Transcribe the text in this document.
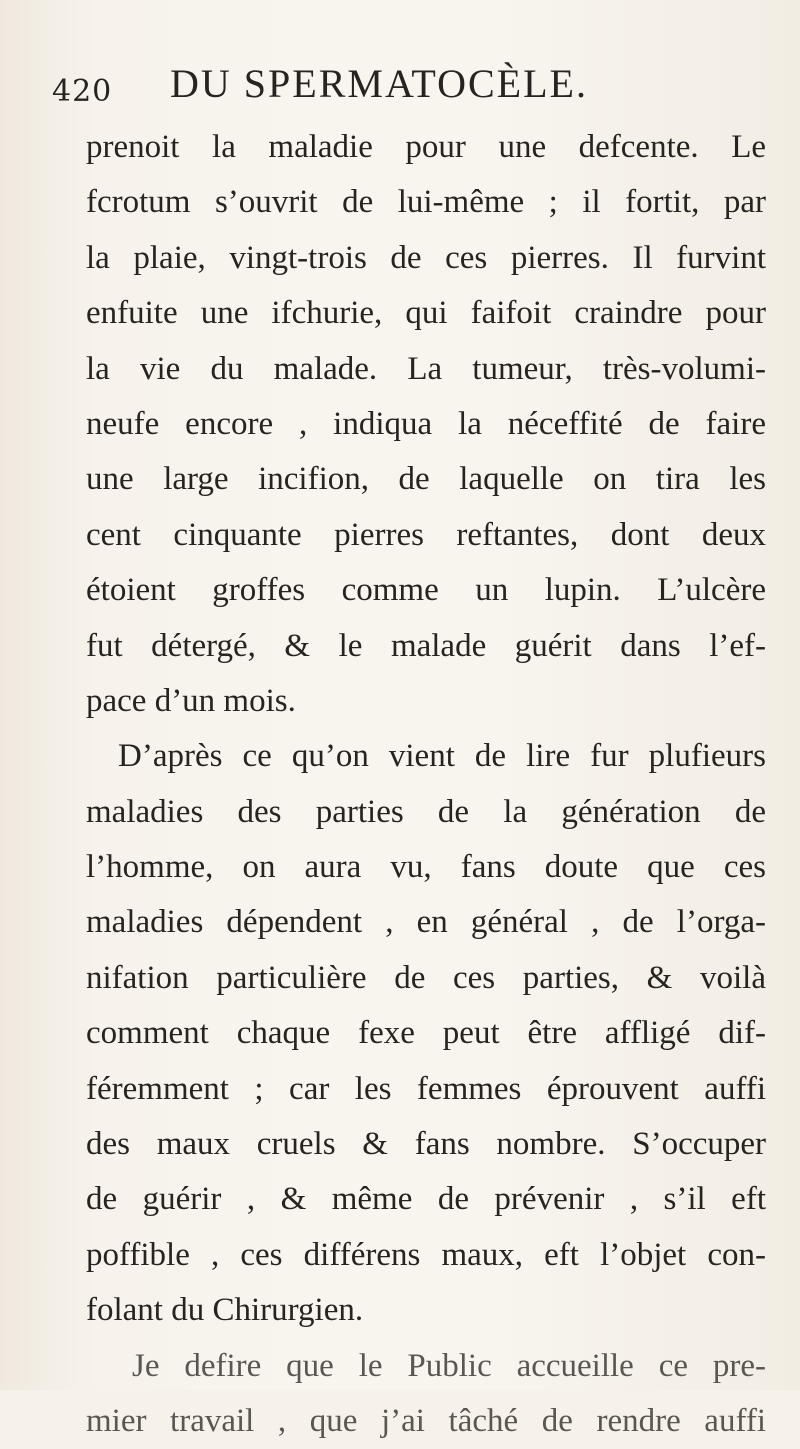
420 DU SPERMATOCÈLE.
prenoit la maladie pour une defcente. Le
fcrotum s’ouvrit de lui-même ; il fortit, par
la plaie, vingt-trois de ces pierres. Il furvint
enfuite une ifchurie, qui faifoit craindre pour
la vie du malade. La tumeur, très-volumi-
neufe encore , indiqua la néceffité de faire
une large incifion, de laquelle on tira les
cent cinquante pierres reftantes, dont deux
étoient groffes comme un lupin. L’ulcère
fut détergé, & le malade guérit dans l’ef-
pace d’un mois.
D’après ce qu’on vient de lire fur plufieurs
maladies des parties de la génération de
l’homme, on aura vu, fans doute que ces
maladies dépendent , en général , de l’orga-
nifation particulière de ces parties, & voilà
comment chaque fexe peut être affligé dif-
féremment ; car les femmes éprouvent auffi
des maux cruels & fans nombre. S’occuper
de guérir , & même de prévenir , s’il eft
poffible , ces différens maux, eft l’objet con-
folant du Chirurgien.
Je defire que le Public accueille ce pre-
mier travail , que j’ai tâché de rendre auffi
